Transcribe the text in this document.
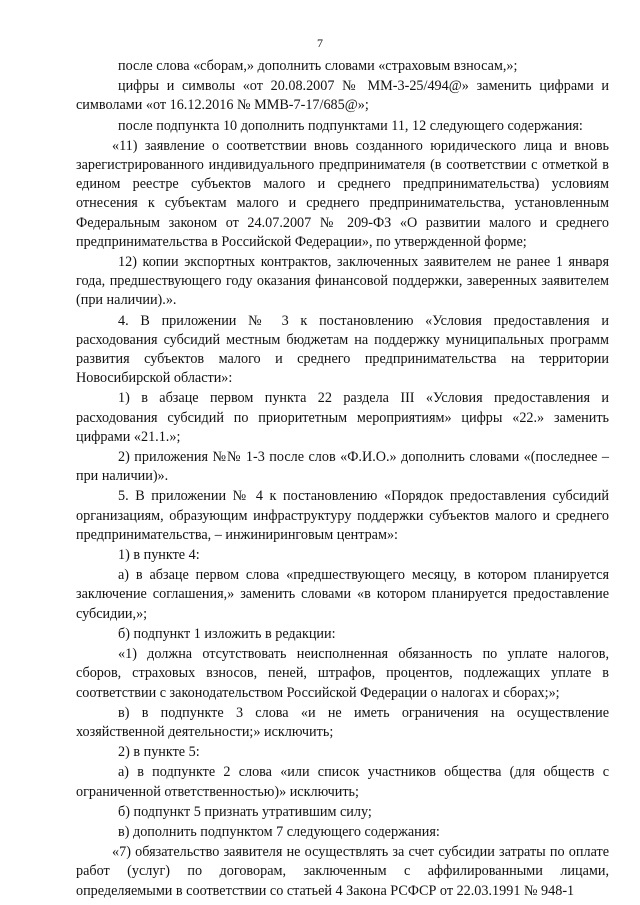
7

после слова «сборам,» дополнить словами «страховым взносам,»;

цифры и символы «от 20.08.2007 № ММ-3-25/494@» заменить цифрами и символами «от 16.12.2016 № ММВ-7-17/685@»;

после подпункта 10 дополнить подпунктами 11, 12 следующего содержания:

«11) заявление о соответствии вновь созданного юридического лица и вновь зарегистрированного индивидуального предпринимателя (в соответствии с отметкой в едином реестре субъектов малого и среднего предпринимательства) условиям отнесения к субъектам малого и среднего предпринимательства, установленным Федеральным законом от 24.07.2007 № 209-ФЗ «О развитии малого и среднего предпринимательства в Российской Федерации», по утвержденной форме;

12) копии экспортных контрактов, заключенных заявителем не ранее 1 января года, предшествующего году оказания финансовой поддержки, заверенных заявителем (при наличии).».

4. В приложении № 3 к постановлению «Условия предоставления и расходования субсидий местным бюджетам на поддержку муниципальных программ развития субъектов малого и среднего предпринимательства на территории Новосибирской области»:

1) в абзаце первом пункта 22 раздела III «Условия предоставления и расходования субсидий по приоритетным мероприятиям» цифры «22.» заменить цифрами «21.1.»;

2) приложения №№ 1-3 после слов «Ф.И.О.» дополнить словами «(последнее – при наличии)».

5. В приложении № 4 к постановлению «Порядок предоставления субсидий организациям, образующим инфраструктуру поддержки субъектов малого и среднего предпринимательства, – инжиниринговым центрам»:

1) в пункте 4:

а) в абзаце первом слова «предшествующего месяцу, в котором планируется заключение соглашения,» заменить словами «в котором планируется предоставление субсидии,»;

б) подпункт 1 изложить в редакции:

«1) должна отсутствовать неисполненная обязанность по уплате налогов, сборов, страховых взносов, пеней, штрафов, процентов, подлежащих уплате в соответствии с законодательством Российской Федерации о налогах и сборах;»;

в) в подпункте 3 слова «и не иметь ограничения на осуществление хозяйственной деятельности;» исключить;

2) в пункте 5:

а) в подпункте 2 слова «или список участников общества (для обществ с ограниченной ответственностью)» исключить;

б) подпункт 5 признать утратившим силу;

в) дополнить подпунктом 7 следующего содержания:

«7) обязательство заявителя не осуществлять за счет субсидии затраты по оплате работ (услуг) по договорам, заключенным с аффилированными лицами, определяемыми в соответствии со статьей 4 Закона РСФСР от 22.03.1991 № 948-1
